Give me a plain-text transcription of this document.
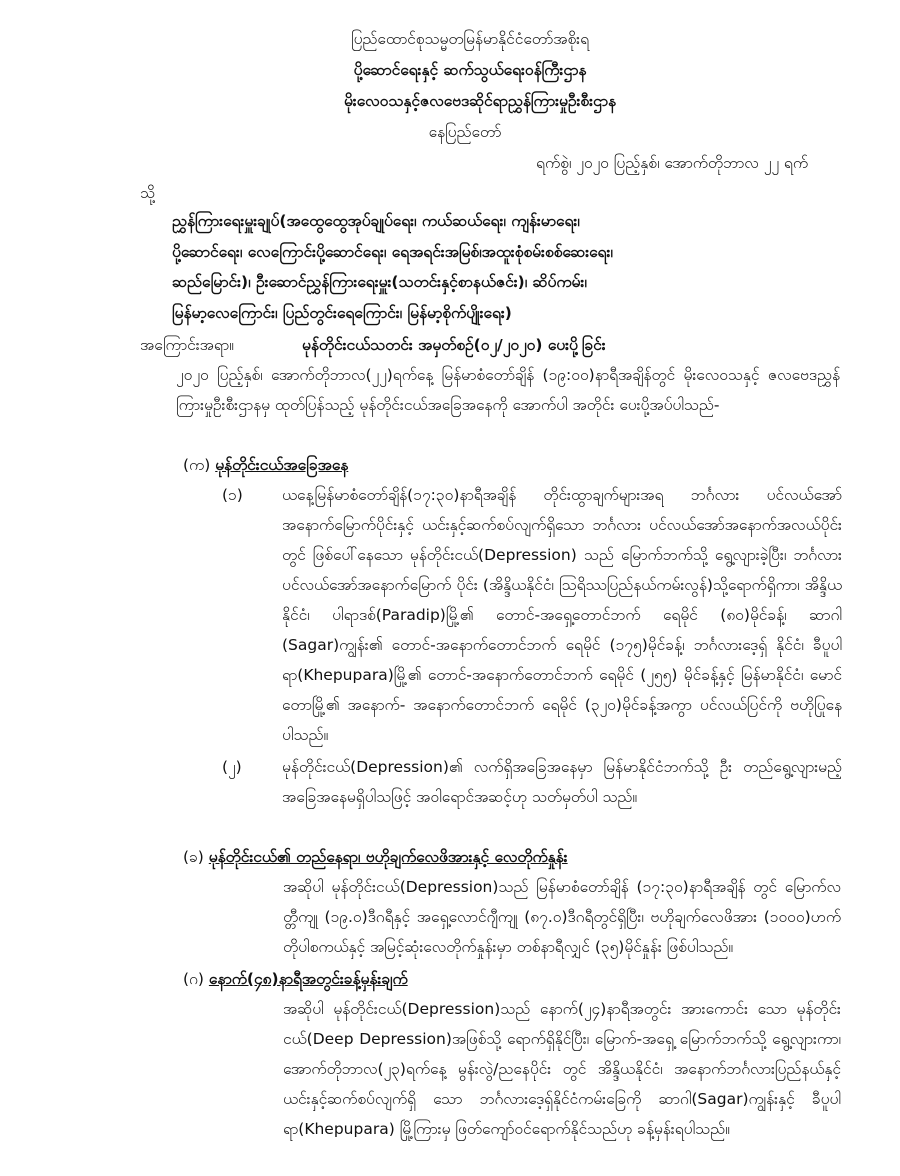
ပြည်ထောင်စုသမ္မတမြန်မာနိုင်ငံတော်အစိုးရ
ပို့ဆောင်ရေးနှင့် ဆက်သွယ်ရေးဝန်ကြီးဌာန
မိုးလေဝသနှင့်ဇလဗေဒဆိုင်ရာညွှန်ကြားမှုဦးစီးဌာန
နေပြည်တော်
ရက်စွဲ၊ ၂၀၂၀ ပြည့်နှစ်၊ အောက်တိုဘာလ ၂၂ ရက်
သို့
ညွှန်ကြားရေးမှူးချုပ်(အထွေထွေအုပ်ချုပ်ရေး၊ ကယ်ဆယ်ရေး၊ ကျန်းမာရေး၊
ပို့ဆောင်ရေး၊ လေကြောင်းပို့ဆောင်ရေး၊ ရေအရင်းအမြစ်၊အထူးစုံစမ်းစစ်ဆေးရေး၊
ဆည်မြောင်း)၊ ဦးဆောင်ညွှန်ကြားရေးမှူး(သတင်းနှင့်စာနယ်ဇင်း)၊ ဆိပ်ကမ်း၊
မြန်မာ့လေကြောင်း၊ ပြည်တွင်းရေကြောင်း၊ မြန်မာ့စိုက်ပျိုးရေး)
အကြောင်းအရာ။	မုန်တိုင်းငယ်သတင်း အမှတ်စဉ်(၀၂/၂၀၂၀) ပေးပို့ခြင်း
၂၀၂၀ ပြည့်နှစ်၊ အောက်တိုဘာလ(၂၂)ရက်နေ့ မြန်မာစံတော်ချိန် (၁၉:၀၀)နာရီအချိန်တွင် မိုးလေဝသနှင့် ဇလဗေဒညွှန်ကြားမှုဦးစီးဌာနမှ ထုတ်ပြန်သည့် မုန်တိုင်းငယ်အခြေအနေကို အောက်ပါ အတိုင်း ပေးပို့အပ်ပါသည်-
(က) မုန်တိုင်းငယ်အခြေအနေ
(၁)	ယနေ့မြန်မာစံတော်ချိန်(၁၇:၃၀)နာရီအချိန် တိုင်းထွာချက်များအရ ဘင်္ဂလား ပင်လယ်အော်အနောက်မြောက်ပိုင်းနှင့် ယင်းနှင့်ဆက်စပ်လျက်ရှိသော ဘင်္ဂလား ပင်လယ်အော်အနောက်အလယ်ပိုင်းတွင် ဖြစ်ပေါ်နေသော မုန်တိုင်းငယ်(Depression) သည် မြောက်ဘက်သို့ ရွေ့လျားခဲ့ပြီး၊ ဘင်္ဂလားပင်လယ်အော်အနောက်မြောက် ပိုင်း (အိန္ဒိယနိုင်ငံ၊ ဩရိဿပြည်နယ်ကမ်းလွန်)သို့ရောက်ရှိကာ၊ အိန္ဒိယနိုင်ငံ၊ ပါရာဒစ်(Paradip)မြို့၏ တောင်-အရှေ့တောင်ဘက် ရေမိုင် (၈၀)မိုင်ခန့်၊ ဆာဂါ (Sagar)ကျွန်း၏ တောင်-အနောက်တောင်ဘက် ရေမိုင် (၁၇၅)မိုင်ခန့်၊ ဘင်္ဂလားဒေ့ရှ် နိုင်ငံ၊ ခီပူပါရာ(Khepupara)မြို့၏ တောင်-အနောက်တောင်ဘက် ရေမိုင် (၂၅၅) မိုင်ခန့်နှင့် မြန်မာနိုင်ငံ၊ မောင်တောမြို့၏ အနောက်- အနောက်တောင်ဘက် ရေမိုင် (၃၂၀)မိုင်ခန့်အကွာ ပင်လယ်ပြင်ကို ဗဟိုပြုနေပါသည်။
(၂)	မုန်တိုင်းငယ်(Depression)၏ လက်ရှိအခြေအနေမှာ မြန်မာနိုင်ငံဘက်သို့ ဦး တည်ရွေ့လျားမည့် အခြေအနေမရှိပါသဖြင့် အဝါရောင်အဆင့်ဟု သတ်မှတ်ပါ သည်။
(ခ) မုန်တိုင်းငယ်၏ တည်နေရာ၊ ဗဟိုချက်လေဖိအားနှင့် လေတိုက်နှုန်း
အဆိုပါ မုန်တိုင်းငယ်(Depression)သည် မြန်မာစံတော်ချိန် (၁၇:၃၀)နာရီအချိန် တွင် မြောက်လတ္တီကျု (၁၉.၀)ဒီဂရီနှင့် အရှေ့လောင်ဂျီကျု (၈၇.၀)ဒီဂရီတွင်ရှိပြီး၊ ဗဟိုချက်လေဖိအား (၁၀၀၀)ဟက်တိုပါစကယ်နှင့် အမြင့်ဆုံးလေတိုက်နှုန်းမှာ တစ်နာရီလျှင် (၃၅)မိုင်နှုန်း ဖြစ်ပါသည်။
(ဂ) နောက်(၄၈)နာရီအတွင်းခန့်မှန်းချက်
အဆိုပါ မုန်တိုင်းငယ်(Depression)သည် နောက်(၂၄)နာရီအတွင်း အားကောင်း သော မုန်တိုင်းငယ်(Deep Depression)အဖြစ်သို့ ရောက်ရှိနိုင်ပြီး၊ မြောက်-အရှေ့ မြောက်ဘက်သို့ ရွေ့လျားကာ၊ အောက်တိုဘာလ(၂၃)ရက်နေ့ မွန်းလွဲ/ညနေပိုင်း တွင် အိန္ဒိယနိုင်ငံ၊ အနောက်ဘင်္ဂလားပြည်နယ်နှင့် ယင်းနှင့်ဆက်စပ်လျက်ရှိ သော ဘင်္ဂလားဒေ့ရှ်နိုင်ငံကမ်းခြေကို ဆာဂါ(Sagar)ကျွန်းနှင့် ခီပူပါရာ(Khepupara) မြို့ကြားမှ ဖြတ်ကျော်ဝင်ရောက်နိုင်သည်ဟု ခန့်မှန်းရပါသည်။
